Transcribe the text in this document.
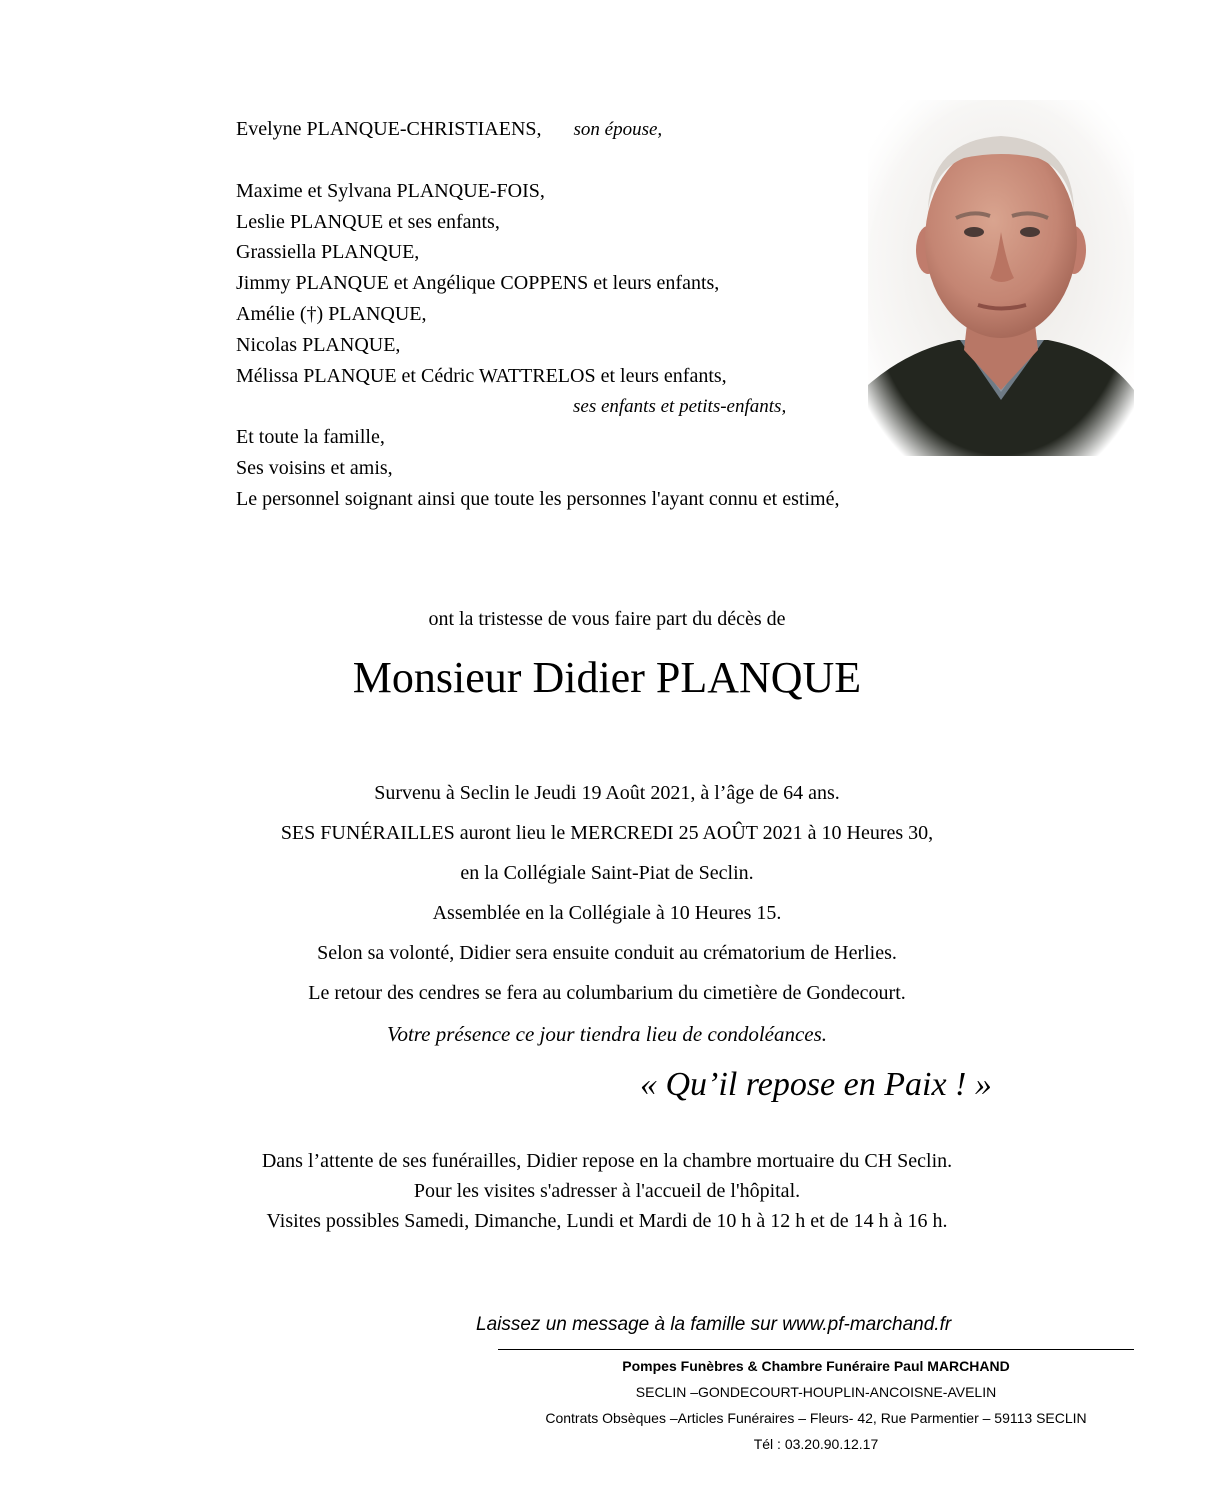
Evelyne PLANQUE-CHRISTIAENS, son épouse,
Maxime et Sylvana PLANQUE-FOIS,
Leslie PLANQUE et ses enfants,
Grassiella PLANQUE,
Jimmy PLANQUE et Angélique COPPENS et leurs enfants,
Amélie (†) PLANQUE,
Nicolas PLANQUE,
Mélissa PLANQUE et Cédric WATTRELOS et leurs enfants,
ses enfants et petits-enfants,
Et toute la famille,
Ses voisins et amis,
Le personnel soignant ainsi que toute les personnes l'ayant connu et estimé,
ont la tristesse de vous faire part du décès de
Monsieur Didier PLANQUE
Survenu à Seclin le Jeudi 19 Août 2021, à l’âge de 64 ans.
SES FUNÉRAILLES auront lieu le MERCREDI 25 AOÛT 2021 à 10 Heures 30,
en la Collégiale Saint-Piat de Seclin.
Assemblée en la Collégiale à 10 Heures 15.
Selon sa volonté, Didier sera ensuite conduit au crématorium de Herlies.
Le retour des cendres se fera au columbarium du cimetière de Gondecourt.
Votre présence ce jour tiendra lieu de condoléances.
« Qu’il repose en Paix ! »
Dans l’attente de ses funérailles, Didier repose en la chambre mortuaire du CH Seclin.
Pour les visites s'adresser à l'accueil de l'hôpital.
Visites possibles Samedi, Dimanche, Lundi et Mardi de 10 h à 12 h et de 14 h à 16 h.
Laissez un message à la famille sur www.pf-marchand.fr
Pompes Funèbres & Chambre Funéraire Paul MARCHAND
SECLIN –GONDECOURT-HOUPLIN-ANCOISNE-AVELIN
Contrats Obsèques –Articles Funéraires – Fleurs- 42, Rue Parmentier – 59113 SECLIN
Tél : 03.20.90.12.17
